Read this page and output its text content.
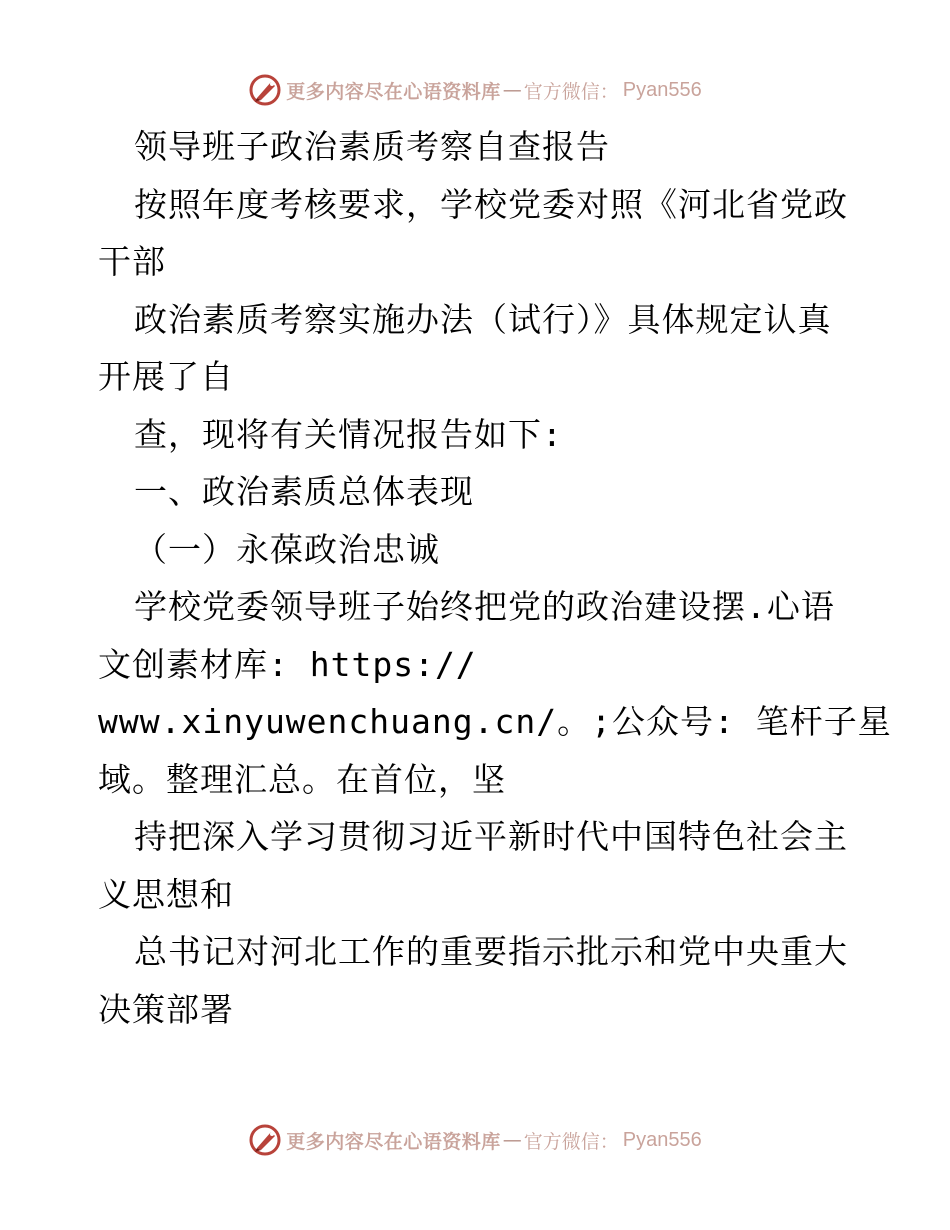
更多内容尽在心语资料库 — 官方微信： Pyan556
领导班子政治素质考察自查报告
按照年度考核要求，学校党委对照《河北省党政
干部
政治素质考察实施办法（试行）》具体规定认真
开展了自
查，现将有关情况报告如下:
一、政治素质总体表现
（一）永葆政治忠诚
学校党委领导班子始终把党的政治建设摆.心语
文创素材库: https://
www.xinyuwenchuang.cn/。;公众号: 笔杆子星
域。整理汇总。在首位，坚
持把深入学习贯彻习近平新时代中国特色社会主
义思想和
总书记对河北工作的重要指示批示和党中央重大
决策部署
更多内容尽在心语资料库 — 官方微信： Pyan556
